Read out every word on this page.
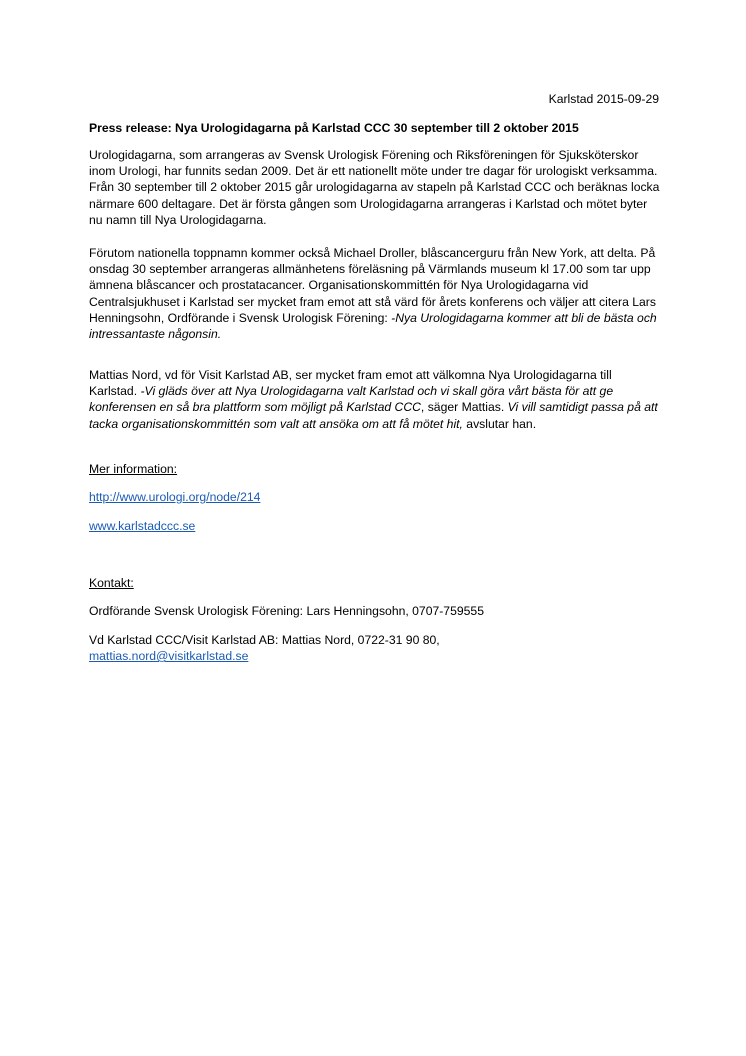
Karlstad 2015-09-29
Press release: Nya Urologidagarna på Karlstad CCC 30 september till 2 oktober 2015

Urologidagarna, som arrangeras av Svensk Urologisk Förening och Riksföreningen för Sjuksköterskor inom Urologi, har funnits sedan 2009. Det är ett nationellt möte under tre dagar för urologiskt verksamma. Från 30 september till 2 oktober 2015 går urologidagarna av stapeln på Karlstad CCC och beräknas locka närmare 600 deltagare. Det är första gången som Urologidagarna arrangeras i Karlstad och mötet byter nu namn till Nya Urologidagarna.

Förutom nationella toppnamn kommer också Michael Droller, blåscancerguru från New York, att delta. På onsdag 30 september arrangeras allmänhetens föreläsning på Värmlands museum kl 17.00 som tar upp ämnena blåscancer och prostatacancer. Organisationskommittén för Nya Urologidagarna vid Centralsjukhuset i Karlstad ser mycket fram emot att stå värd för årets konferens och väljer att citera Lars Henningsohn, Ordförande i Svensk Urologisk Förening: -Nya Urologidagarna kommer att bli de bästa och intressantaste någonsin.

Mattias Nord, vd för Visit Karlstad AB, ser mycket fram emot att välkomna Nya Urologidagarna till Karlstad. -Vi gläds över att Nya Urologidagarna valt Karlstad och vi skall göra vårt bästa för att ge konferensen en så bra plattform som möjligt på Karlstad CCC, säger Mattias. Vi vill samtidigt passa på att tacka organisationskommittén som valt att ansöka om att få mötet hit, avslutar han.

Mer information:
http://www.urologi.org/node/214
www.karlstadccc.se
Kontakt:
Ordförande Svensk Urologisk Förening: Lars Henningsohn, 0707-759555
Vd Karlstad CCC/Visit Karlstad AB: Mattias Nord, 0722-31 90 80,
mattias.nord@visitkarlstad.se
